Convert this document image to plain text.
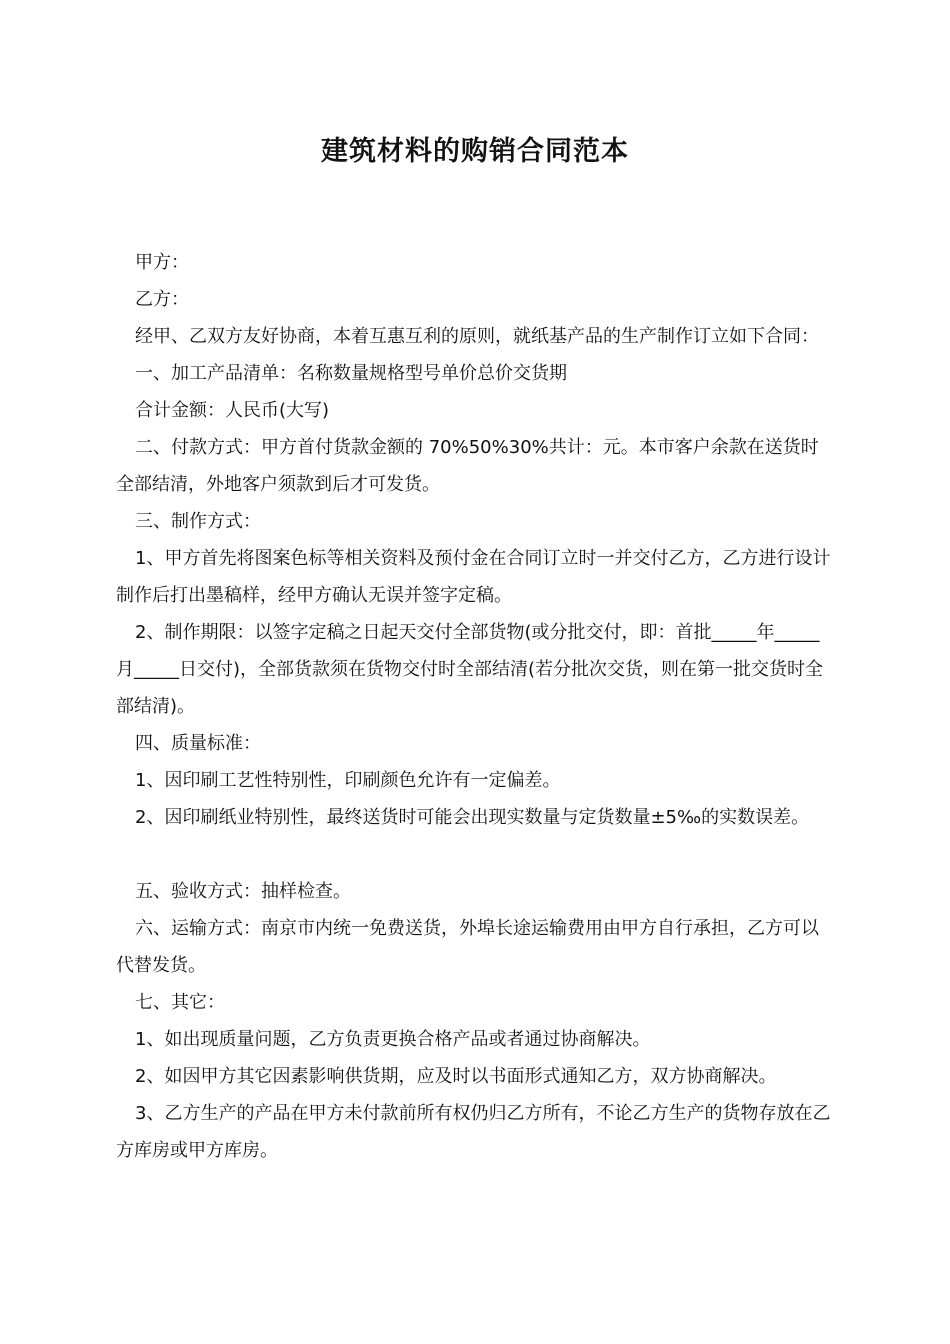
建筑材料的购销合同范本

甲方：

乙方：

经甲、乙双方友好协商，本着互惠互利的原则，就纸基产品的生产制作订立如下合同：

一、加工产品清单：名称数量规格型号单价总价交货期

合计金额：人民币(大写)

二、付款方式：甲方首付货款金额的 70%50%30%共计：元。本市客户余款在送货时全部结清，外地客户须款到后才可发货。

三、制作方式：

1、甲方首先将图案色标等相关资料及预付金在合同订立时一并交付乙方，乙方进行设计制作后打出墨稿样，经甲方确认无误并签字定稿。

2、制作期限：以签字定稿之日起天交付全部货物(或分批交付，即：首批_____年_____月_____日交付)，全部货款须在货物交付时全部结清(若分批次交货，则在第一批交货时全部结清)。

四、质量标准：

1、因印刷工艺性特别性，印刷颜色允许有一定偏差。

2、因印刷纸业特别性，最终送货时可能会出现实数量与定货数量±5‰的实数误差。

五、验收方式：抽样检查。

六、运输方式：南京市内统一免费送货，外埠长途运输费用由甲方自行承担，乙方可以代替发货。

七、其它：

1、如出现质量问题，乙方负责更换合格产品或者通过协商解决。

2、如因甲方其它因素影响供货期，应及时以书面形式通知乙方，双方协商解决。

3、乙方生产的产品在甲方未付款前所有权仍归乙方所有，不论乙方生产的货物存放在乙方库房或甲方库房。
